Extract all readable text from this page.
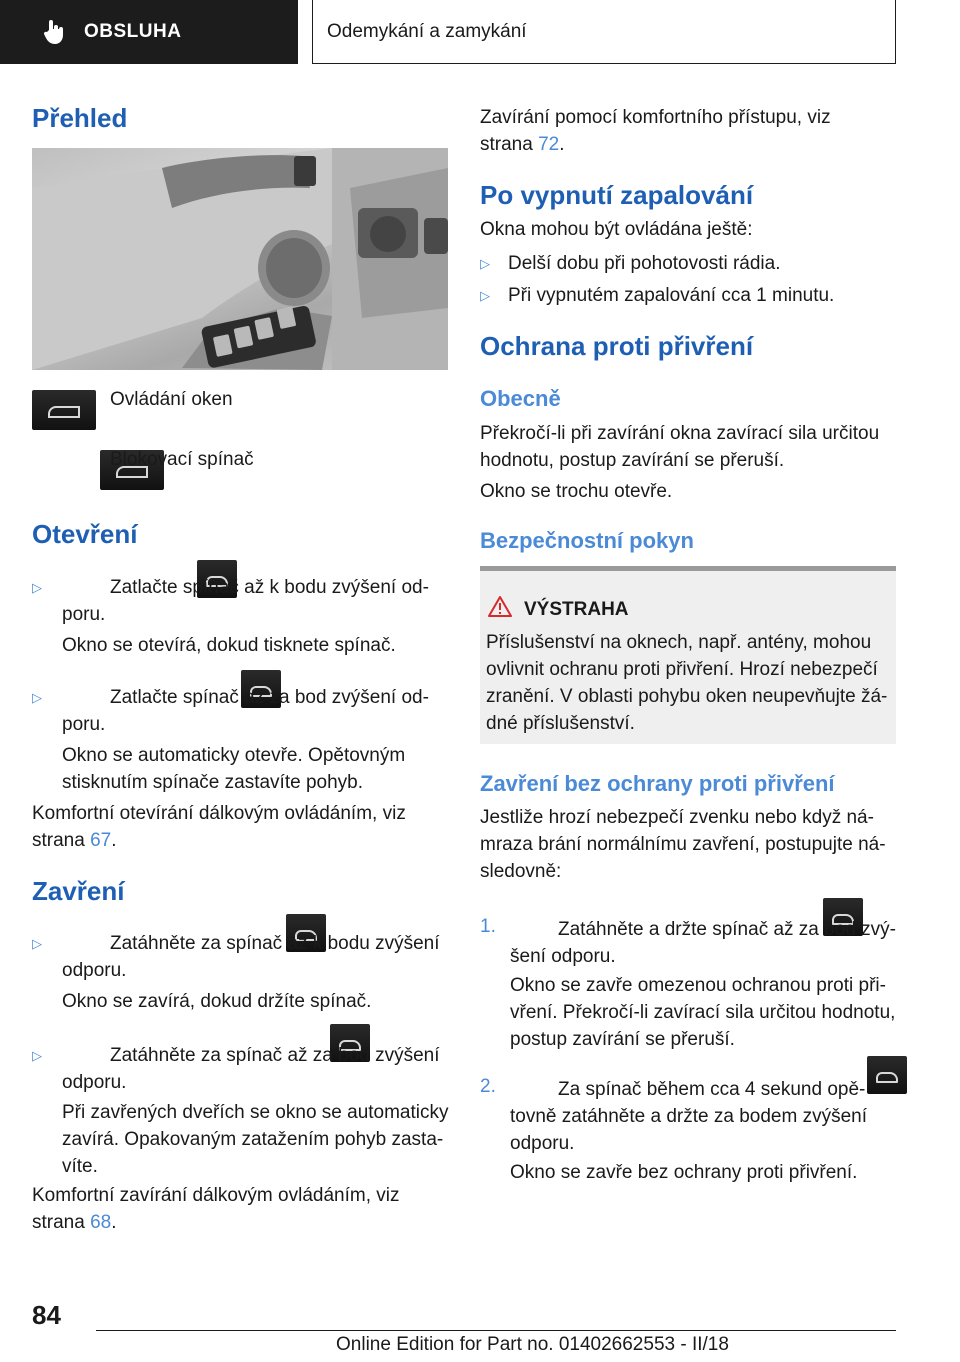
OBSLUHA	Odemykání a zamykání
Přehled

Ovládání oken

Blokovací spínač

Otevření
▷
	Zatlačte spínač až k bodu zvýšení od-

poru.

Okno se otevírá, dokud tisknete spínač.

▷
	Zatlačte spínač až za bod zvýšení od-

poru.

Okno se automaticky otevře. Opětovným

stisknutím spínače zastavíte pohyb.

Komfortní otevírání dálkovým ovládáním, viz

strana 67.

Zavření
▷
	Zatáhněte za spínač až k bodu zvýšení

odporu.

Okno se zavírá, dokud držíte spínač.

▷
	Zatáhněte za spínač až za bod zvýšení

odporu.

Při zavřených dveřích se okno se automaticky

zavírá. Opakovaným zatažením pohyb zasta-

víte.

Komfortní zavírání dálkovým ovládáním, viz

strana 68.

Zavírání pomocí komfortního přístupu, viz

strana 72.

Po vypnutí zapalování

Okna mohou být ovládána ještě:

▷ Delší dobu při pohotovosti rádia.

▷ Při vypnutém zapalování cca 1 minutu.

Ochrana proti přivření
Obecně

Překročí-li při zavírání okna zavírací sila určitou

hodnotu, postup zavírání se přeruší.

Okno se trochu otevře.

Bezpečnostní pokyn
VÝSTRAHA
Příslušenství na oknech, např. antény, mohou
ovlivnit ochranu proti přivření. Hrozí nebezpečí
zranění. V oblasti pohybu oken neupevňujte žá-
dné příslušenství.
Zavření bez ochrany proti přivření

Jestliže hrozí nebezpečí zvenku nebo když ná-

mraza brání normálnímu zavření, postupujte ná-

sledovně:

1.
	Zatáhněte a držte spínač až za bod zvý-

šení odporu.

Okno se zavře omezenou ochranou proti při-

vření. Překročí-li zavírací sila určitou hodnotu,

postup zavírání se přeruší.

2.	Za spínač během cca 4 sekund opě-

tovně zatáhněte a držte za bodem zvýšení

odporu.

Okno se zavře bez ochrany proti přivření.

84
Online Edition for Part no. 01402662553 - II/18
